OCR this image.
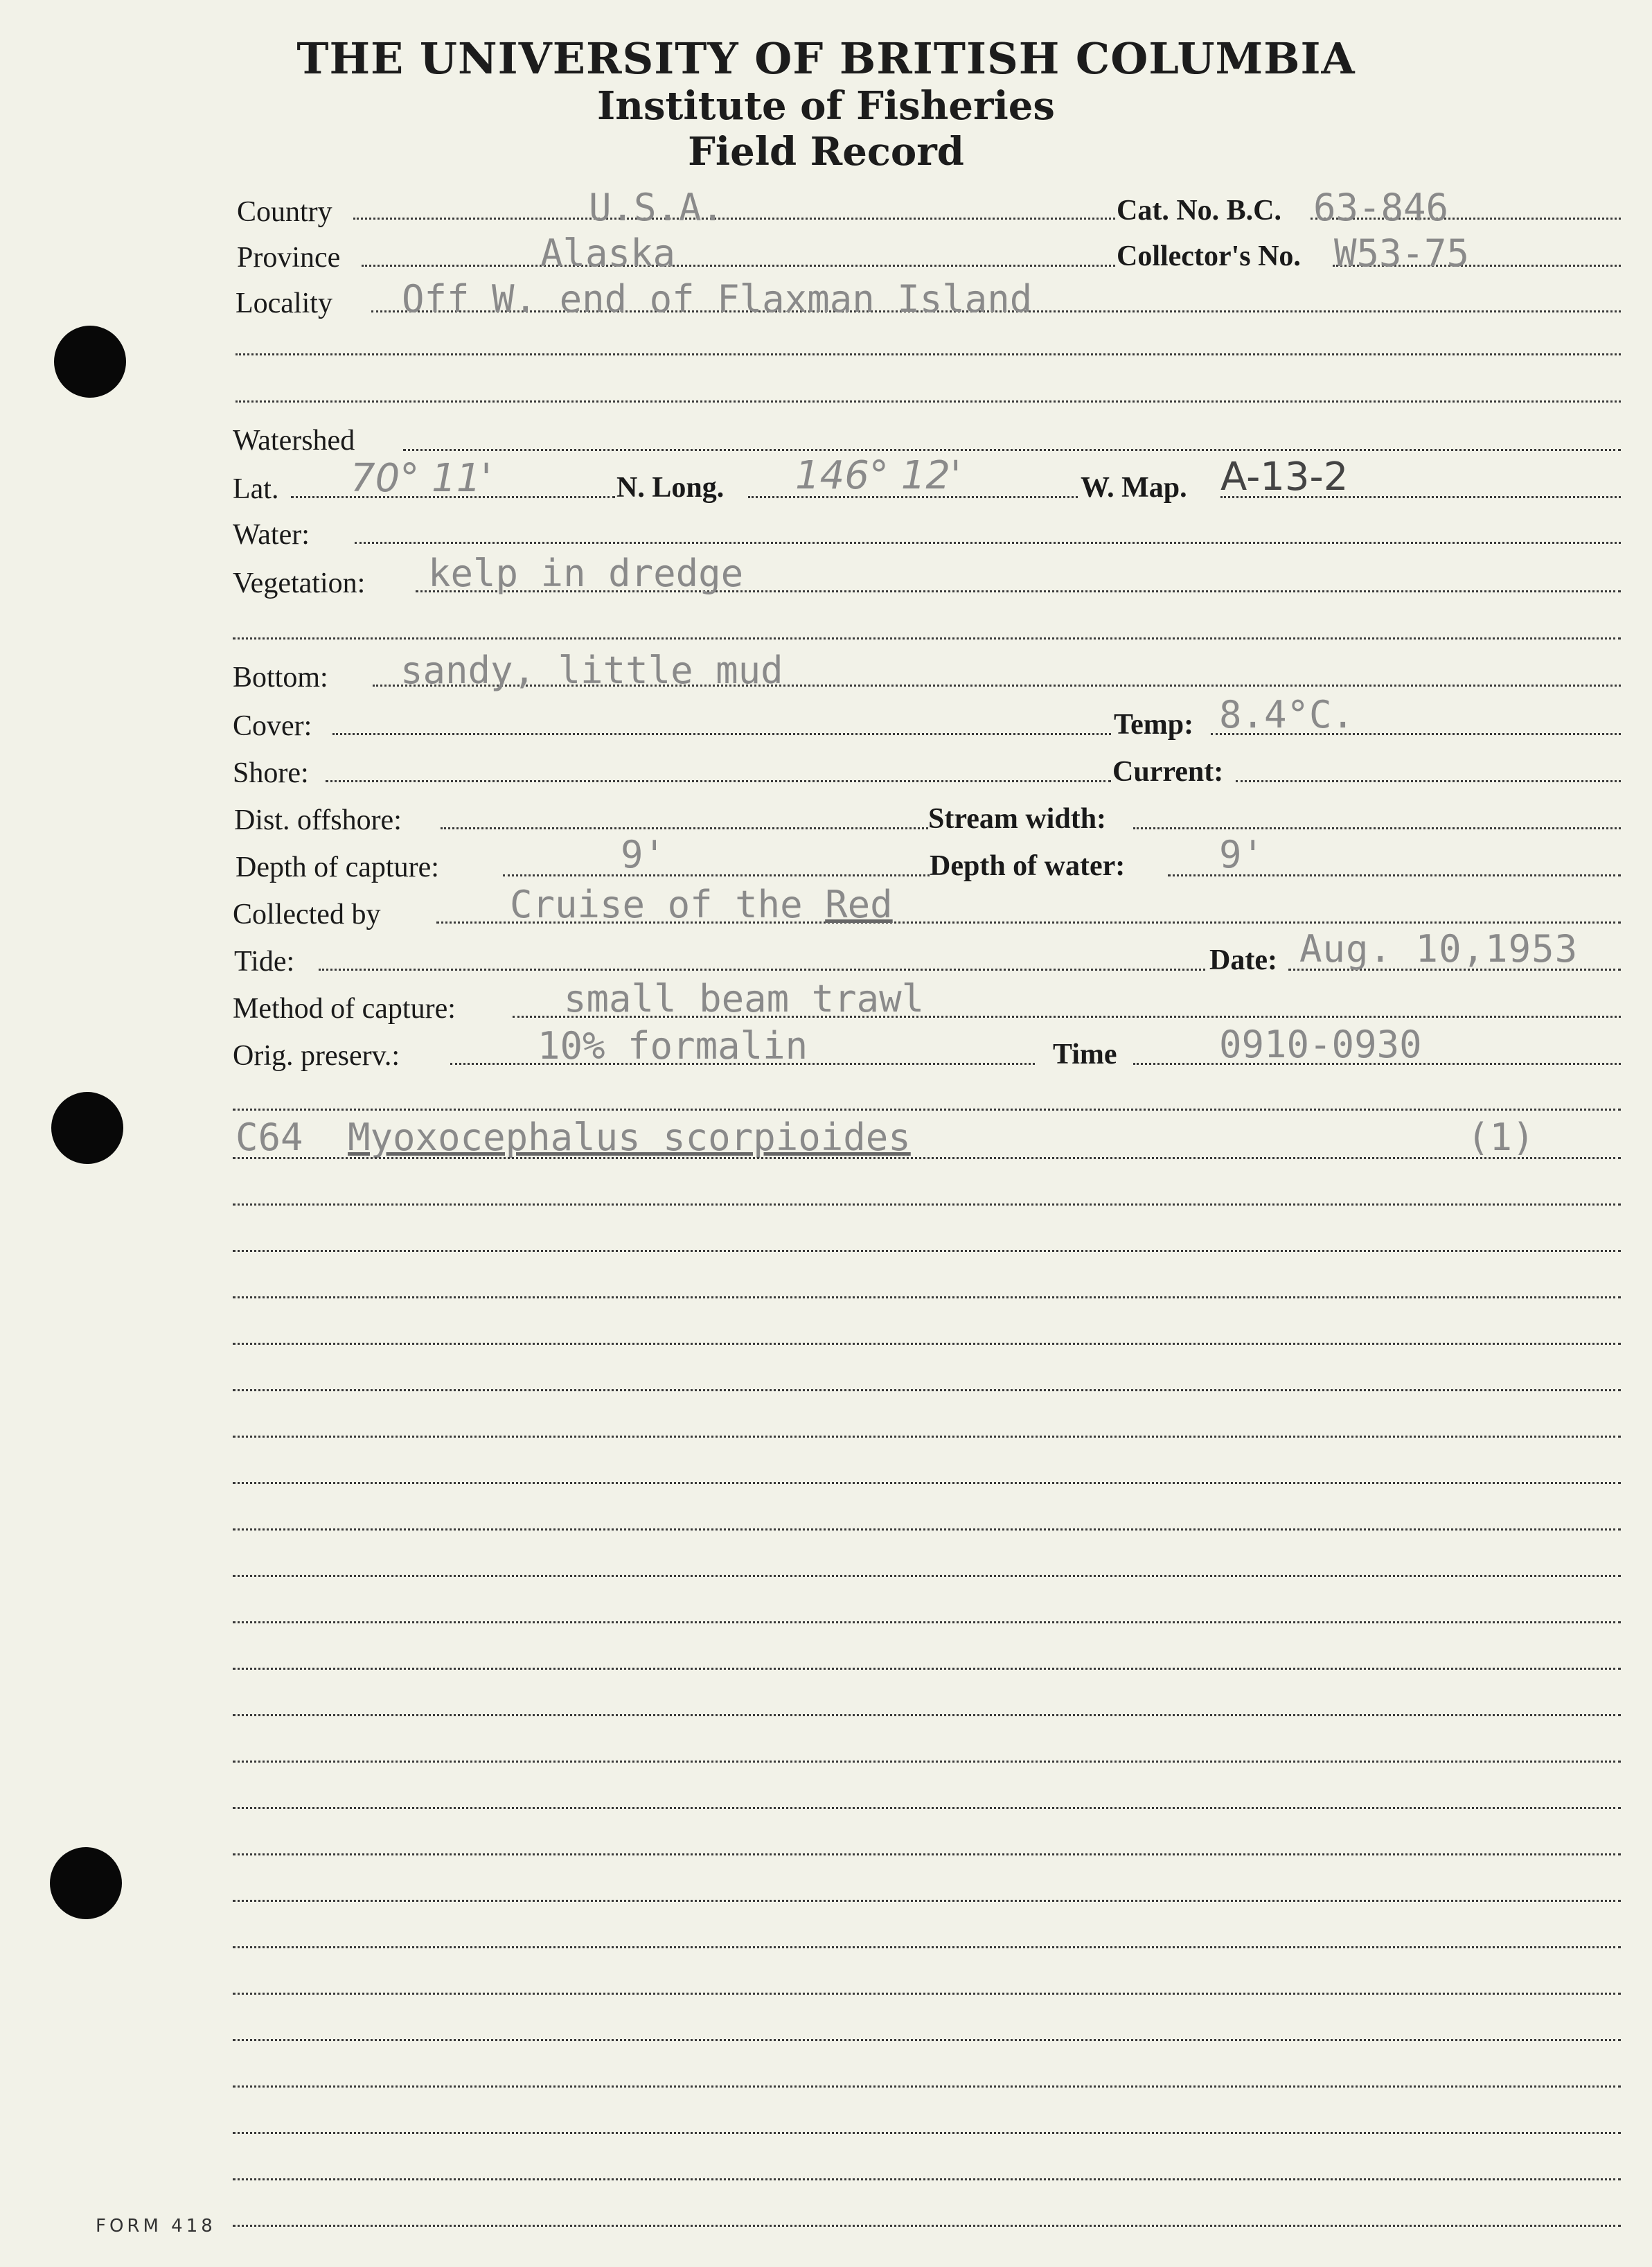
THE UNIVERSITY OF BRITISH COLUMBIA
Institute of Fisheries
Field Record
Country	U.S.A.	Cat. No. B.C. 63-846
Province	Alaska	Collector's No. W53-75
Locality Off W. end of Flaxman Island
Watershed
Lat. 70° 11'	N. Long. 146° 12'	W. Map. A-13-2
Water:
Vegetation: kelp in dredge
Bottom: sandy, little mud
Cover:	Temp: 8.4°C.
Shore:	Current:
Dist. offshore:	Stream width:
Depth of capture:	9'	Depth of water:	9'
Collected by	Cruise of the Red
Tide:	Date: Aug. 10,1953
Method of capture:	small beam trawl
Orig. preserv.:	10% formalin	Time	0910-0930
C64 Myoxocephalus scorpioides	(1)
FORM 418
